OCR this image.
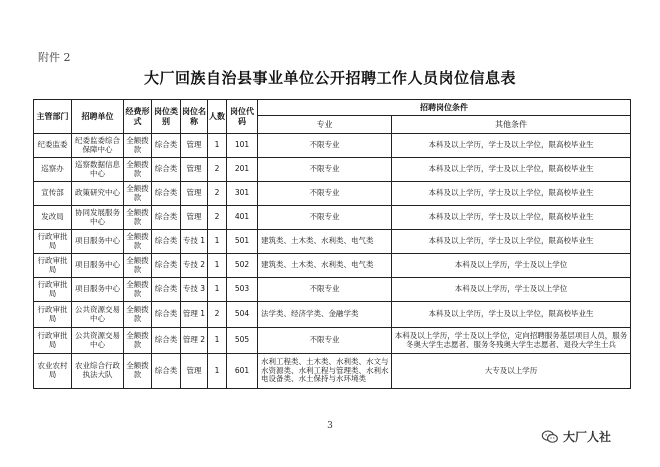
附件 2
大厂回族自治县事业单位公开招聘工作人员岗位信息表
主管部门	招聘单位	经费形式	岗位类别	岗位名称	人数	岗位代码	招聘岗位条件	
							专业	其他条件
纪委监委	纪委监委综合保障中心	全额拨款	综合类	管理	1	101	不限专业	本科及以上学历，学士及以上学位，限高校毕业生
巡察办	巡察数据信息中心	全额拨款	综合类	管理	2	201	不限专业	本科及以上学历，学士及以上学位，限高校毕业生
宣传部	政策研究中心	全额拨款	综合类	管理	2	301	不限专业	本科及以上学历，学士及以上学位，限高校毕业生
发改局	协同发展服务中心	全额拨款	综合类	管理	2	401	不限专业	本科及以上学历，学士及以上学位，限高校毕业生
行政审批局	项目服务中心	全额拨款	综合类	专技 1	1	501	建筑类、土木类、水利类、电气类	本科及以上学历，学士及以上学位，限高校毕业生
行政审批局	项目服务中心	全额拨款	综合类	专技 2	1	502	建筑类、土木类、水利类、电气类	本科及以上学历，学士及以上学位
行政审批局	项目服务中心	全额拨款	综合类	专技 3	1	503	不限专业	本科及以上学历，学士及以上学位
行政审批局	公共资源交易中心	全额拨款	综合类	管理 1	2	504	法学类、经济学类、金融学类	本科及以上学历，学士及以上学位，限高校毕业生
行政审批局	公共资源交易中心	全额拨款	综合类	管理 2	1	505	不限专业	本科及以上学历，学士及以上学位，定向招聘服务基层项目人员，服务冬奥大学生志愿者、服务冬残奥大学生志愿者、退役大学生士兵
农业农村局	农业综合行政执法大队	全额拨款	综合类	管理	1	601	水利工程类、土木类、水利类、水文与水资源类、水利工程与管理类、水利水电设备类、水土保持与水环境类	大专及以上学历
3
大厂人社
